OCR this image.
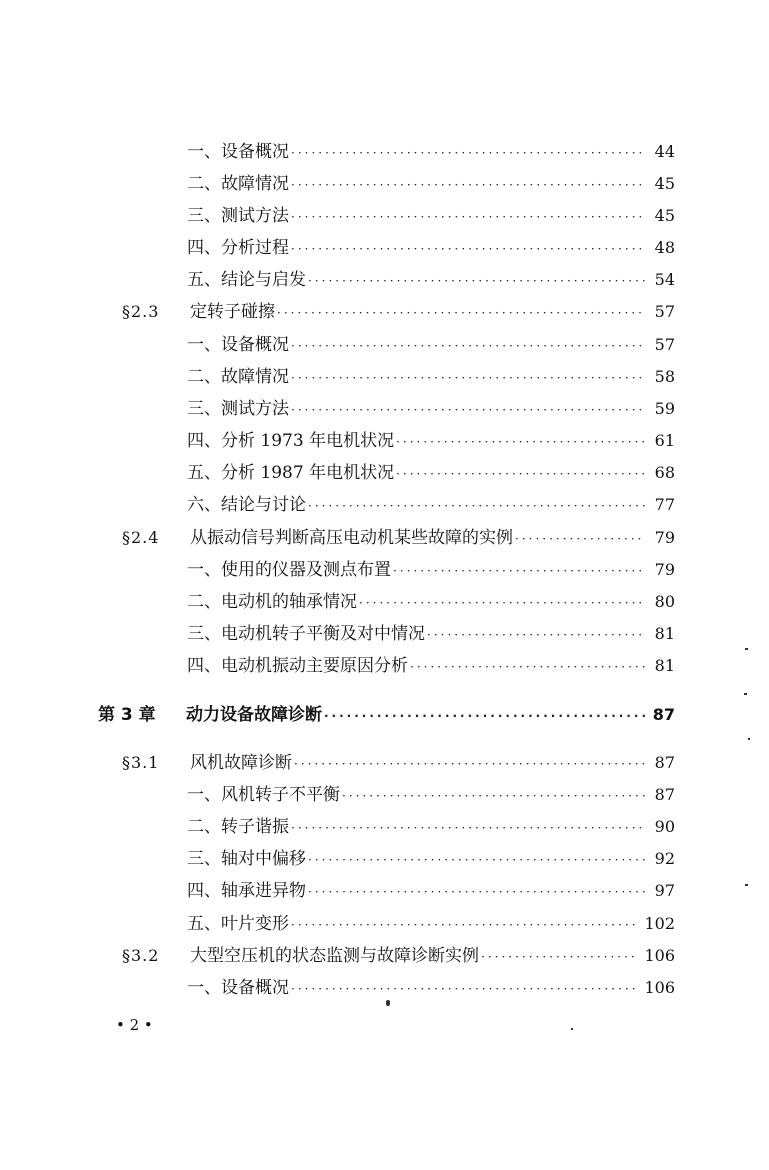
一、设备概况 ·····	44
二、故障情况 ·····	45
三、测试方法 ·····	45
四、分析过程 ·····	48
五、结论与启发 ·····	54
§2.3	定转子碰擦 ·····	57
一、设备概况 ·····	57
二、故障情况 ·····	58
三、测试方法 ·····	59
四、分析 1973 年电机状况 ·····	61
五、分析 1987 年电机状况 ·····	68
六、结论与讨论 ·····	77
§2.4	从振动信号判断高压电动机某些故障的实例 ·····	79
一、使用的仪器及测点布置 ·····	79
二、电动机的轴承情况 ·····	80
三、电动机转子平衡及对中情况 ·····	81
四、电动机振动主要原因分析 ·····	81
第 3 章	动力设备故障诊断 ·····	87
§3.1	风机故障诊断 ·····	87
一、风机转子不平衡 ·····	87
二、转子谐振 ·····	90
三、轴对中偏移 ·····	92
四、轴承进异物 ·····	97
五、叶片变形 ·····	102
§3.2	大型空压机的状态监测与故障诊断实例 ·····	106
一、设备概况 ·····	106
• 2 •
